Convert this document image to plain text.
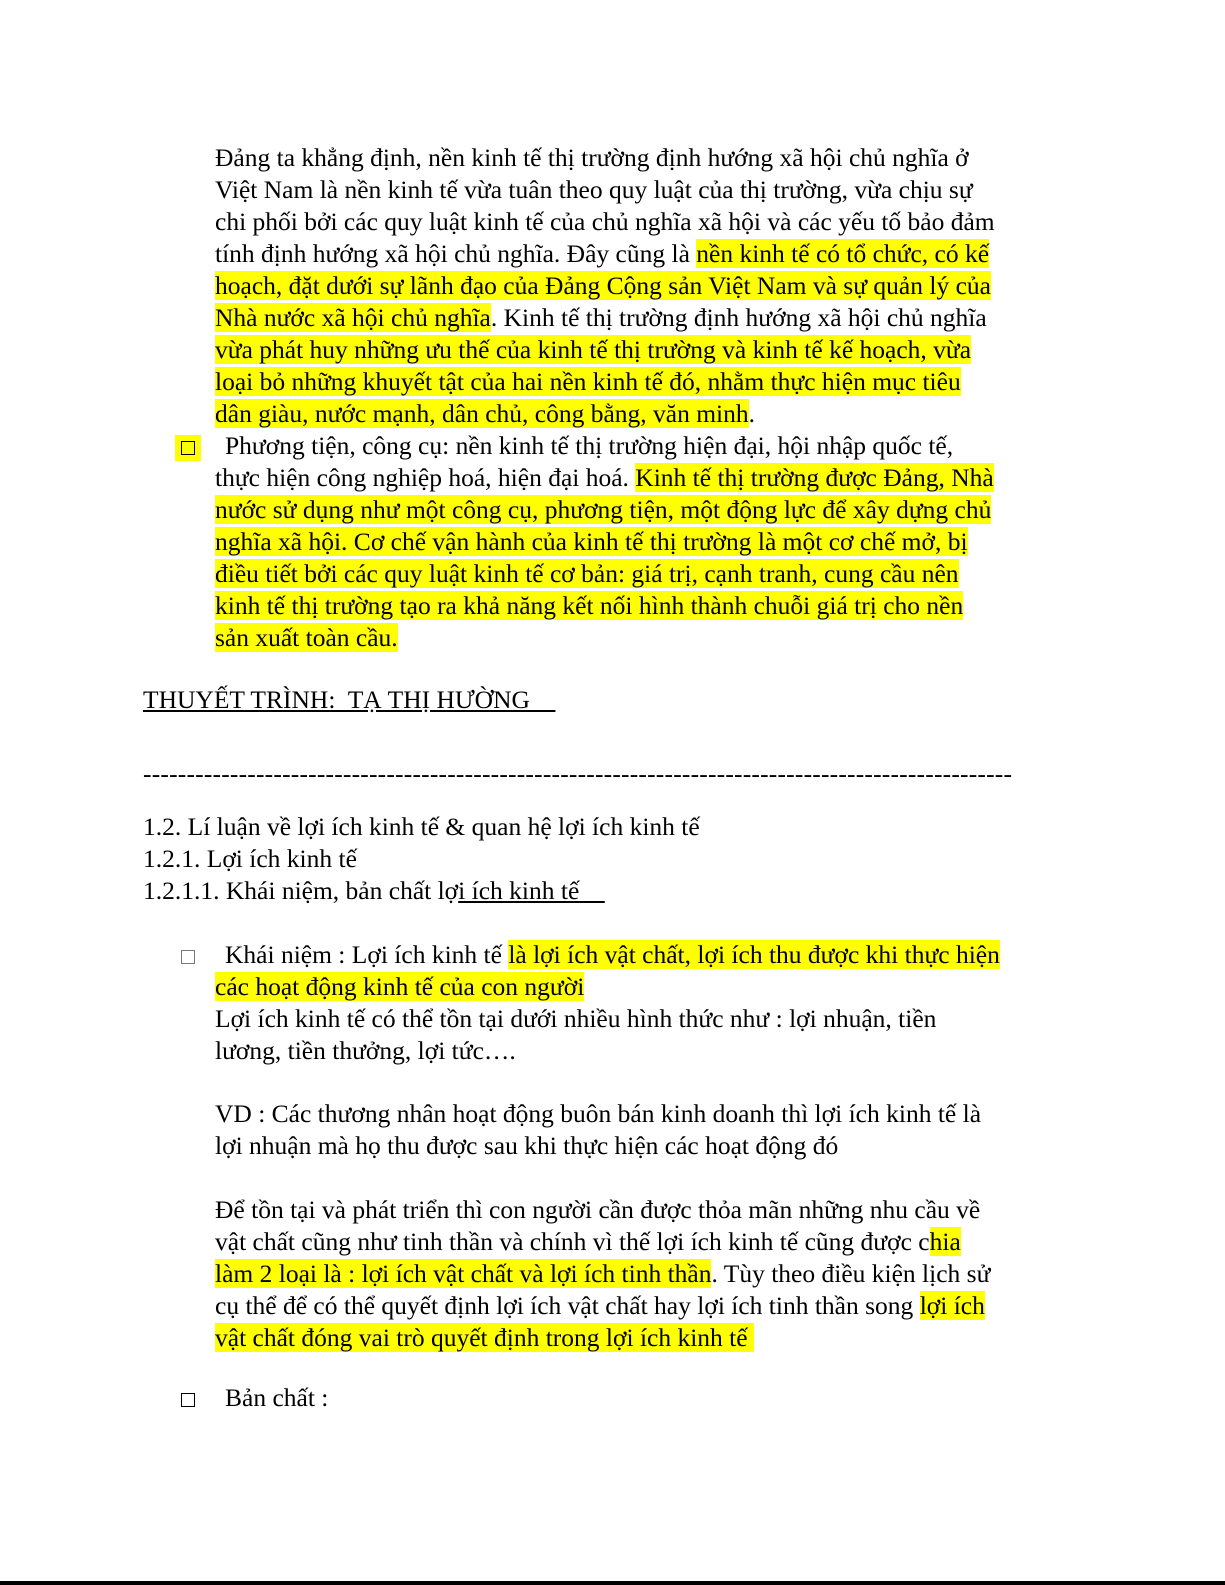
Đảng ta khẳng định, nền kinh tế thị trường định hướng xã hội chủ nghĩa ở
Việt Nam là nền kinh tế vừa tuân theo quy luật của thị trường, vừa chịu sự
chi phối bởi các quy luật kinh tế của chủ nghĩa xã hội và các yếu tố bảo đảm
tính định hướng xã hội chủ nghĩa. Đây cũng là nền kinh tế có tổ chức, có kế
hoạch, đặt dưới sự lãnh đạo của Đảng Cộng sản Việt Nam và sự quản lý của
Nhà nước xã hội chủ nghĩa. Kinh tế thị trường định hướng xã hội chủ nghĩa
vừa phát huy những ưu thế của kinh tế thị trường và kinh tế kế hoạch, vừa
loại bỏ những khuyết tật của hai nền kinh tế đó, nhằm thực hiện mục tiêu
dân giàu, nước mạnh, dân chủ, công bằng, văn minh.
Phương tiện, công cụ: nền kinh tế thị trường hiện đại, hội nhập quốc tế,
thực hiện công nghiệp hoá, hiện đại hoá. Kinh tế thị trường được Đảng, Nhà
nước sử dụng như một công cụ, phương tiện, một động lực để xây dựng chủ
nghĩa xã hội. Cơ chế vận hành của kinh tế thị trường là một cơ chế mở, bị
điều tiết bởi các quy luật kinh tế cơ bản: giá trị, cạnh tranh, cung cầu nên
kinh tế thị trường tạo ra khả năng kết nối hình thành chuỗi giá trị cho nền
sản xuất toàn cầu.
THUYẾT TRÌNH:  TẠ THỊ HƯỜNG
----------------------------------------------------------------------------------------------------
1.2. Lí luận về lợi ích kinh tế & quan hệ lợi ích kinh tế
1.2.1. Lợi ích kinh tế
1.2.1.1. Khái niệm, bản chất lợi ích kinh tế
Khái niệm : Lợi ích kinh tế là lợi ích vật chất, lợi ích thu được khi thực hiện
các hoạt động kinh tế của con người
Lợi ích kinh tế có thể tồn tại dưới nhiều hình thức như : lợi nhuận, tiền
lương, tiền thưởng, lợi tức….
VD : Các thương nhân hoạt động buôn bán kinh doanh thì lợi ích kinh tế là
lợi nhuận mà họ thu được sau khi thực hiện các hoạt động đó
Để tồn tại và phát triển thì con người cần được thỏa mãn những nhu cầu về
vật chất cũng như tinh thần và chính vì thế lợi ích kinh tế cũng được chia
làm 2 loại là : lợi ích vật chất và lợi ích tinh thần. Tùy theo điều kiện lịch sử
cụ thể để có thể quyết định lợi ích vật chất hay lợi ích tinh thần song lợi ích
vật chất đóng vai trò quyết định trong lợi ích kinh tế
Bản chất :
